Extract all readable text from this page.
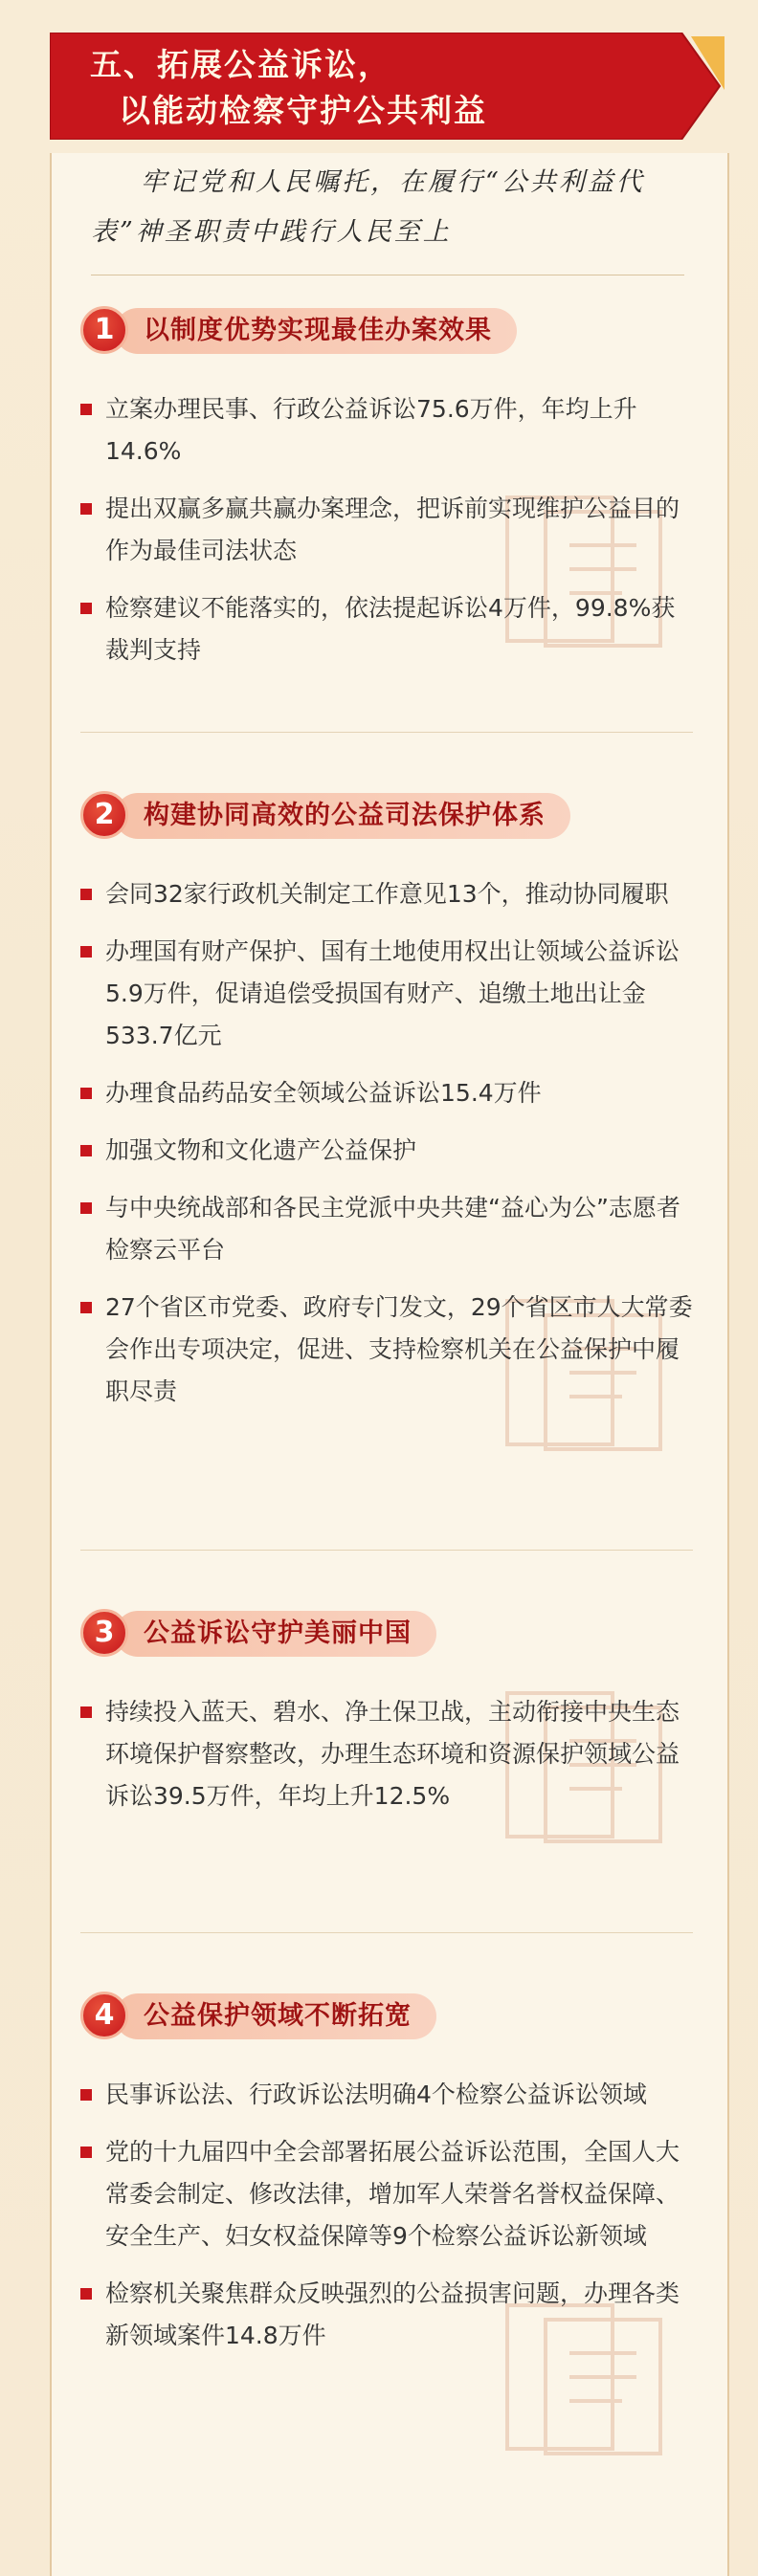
五、拓展公益诉讼，
以能动检察守护公共利益
牢记党和人民嘱托，在履行“公共利益代表”神圣职责中践行人民至上
以制度优势实现最佳办案效果
1
立案办理民事、行政公益诉讼75.6万件，年均上升14.6%
提出双赢多赢共赢办案理念，把诉前实现维护公益目的作为最佳司法状态
检察建议不能落实的，依法提起诉讼4万件，99.8%获裁判支持
构建协同高效的公益司法保护体系
2
会同32家行政机关制定工作意见13个，推动协同履职
办理国有财产保护、国有土地使用权出让领域公益诉讼5.9万件，促请追偿受损国有财产、追缴土地出让金533.7亿元
办理食品药品安全领域公益诉讼15.4万件
加强文物和文化遗产公益保护
与中央统战部和各民主党派中央共建“益心为公”志愿者检察云平台
27个省区市党委、政府专门发文，29个省区市人大常委会作出专项决定，促进、支持检察机关在公益保护中履职尽责
公益诉讼守护美丽中国
3
持续投入蓝天、碧水、净土保卫战，主动衔接中央生态环境保护督察整改，办理生态环境和资源保护领域公益诉讼39.5万件，年均上升12.5%
公益保护领域不断拓宽
4
民事诉讼法、行政诉讼法明确4个检察公益诉讼领域
党的十九届四中全会部署拓展公益诉讼范围，全国人大常委会制定、修改法律，增加军人荣誉名誉权益保障、安全生产、妇女权益保障等9个检察公益诉讼新领域
检察机关聚焦群众反映强烈的公益损害问题，办理各类新领域案件14.8万件
